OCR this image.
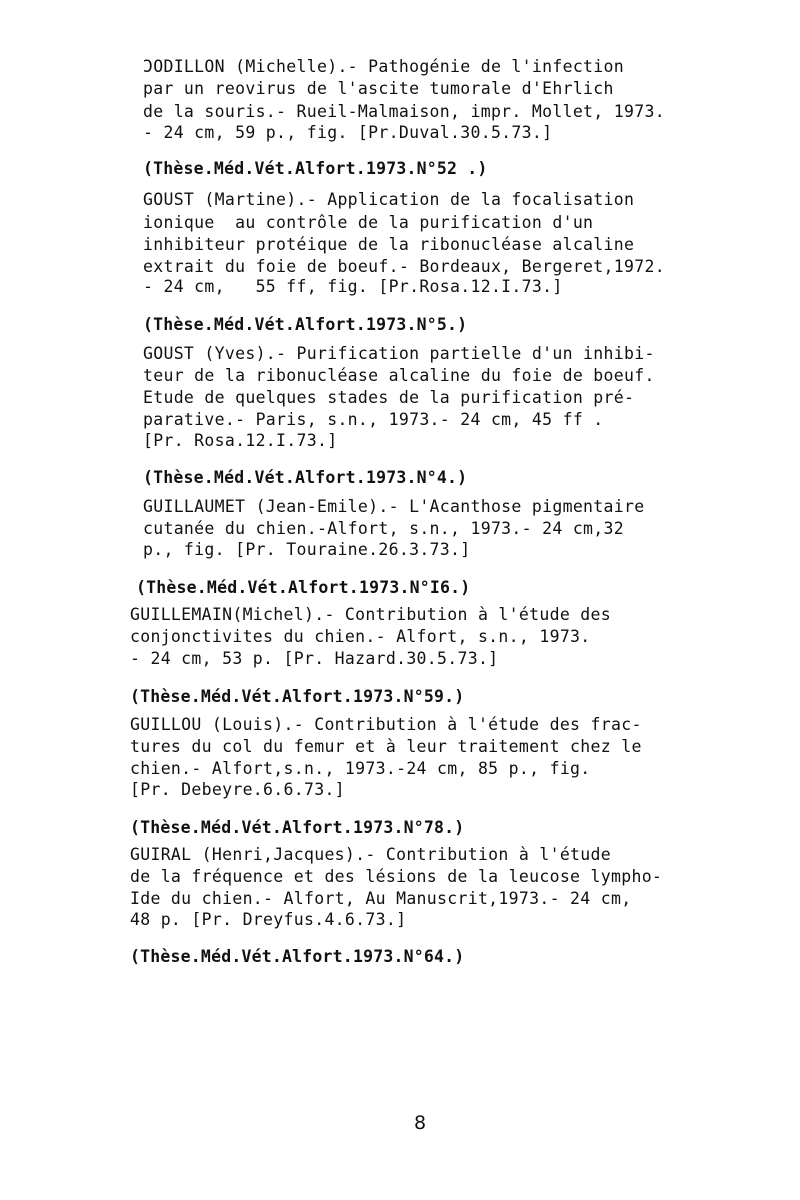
ƆODILLON (Michelle).- Pathogénie de l'infection
par un reovirus de l'ascite tumorale d'Ehrlich
de la souris.- Rueil-Malmaison, impr. Mollet, 1973.
- 24 cm, 59 p., fig. [Pr.Duval.30.5.73.]
(Thèse.Méd.Vét.Alfort.1973.N°52 .)
GOUST (Martine).- Application de la focalisation
ionique  au contrôle de la purification d'un
inhibiteur protéique de la ribonucléase alcaline
extrait du foie de boeuf.- Bordeaux, Bergeret,1972.
- 24 cm,   55 ff, fig. [Pr.Rosa.12.I.73.]
(Thèse.Méd.Vét.Alfort.1973.N°5.)
GOUST (Yves).- Purification partielle d'un inhibi-
teur de la ribonucléase alcaline du foie de boeuf.
Etude de quelques stades de la purification pré-
parative.- Paris, s.n., 1973.- 24 cm, 45 ff .
[Pr. Rosa.12.I.73.]
(Thèse.Méd.Vét.Alfort.1973.N°4.)
GUILLAUMET (Jean-Emile).- L'Acanthose pigmentaire
cutanée du chien.-Alfort, s.n., 1973.- 24 cm,32
p., fig. [Pr. Touraine.26.3.73.]
(Thèse.Méd.Vét.Alfort.1973.N°I6.)
GUILLEMAIN(Michel).- Contribution à l'étude des
conjonctivites du chien.- Alfort, s.n., 1973.
- 24 cm, 53 p. [Pr. Hazard.30.5.73.]
(Thèse.Méd.Vét.Alfort.1973.N°59.)
GUILLOU (Louis).- Contribution à l'étude des frac-
tures du col du femur et à leur traitement chez le
chien.- Alfort,s.n., 1973.-24 cm, 85 p., fig.
[Pr. Debeyre.6.6.73.]
(Thèse.Méd.Vét.Alfort.1973.N°78.)
GUIRAL (Henri,Jacques).- Contribution à l'étude
de la fréquence et des lésions de la leucose lympho-
Ide du chien.- Alfort, Au Manuscrit,1973.- 24 cm,
48 p. [Pr. Dreyfus.4.6.73.]
(Thèse.Méd.Vét.Alfort.1973.N°64.)
8
